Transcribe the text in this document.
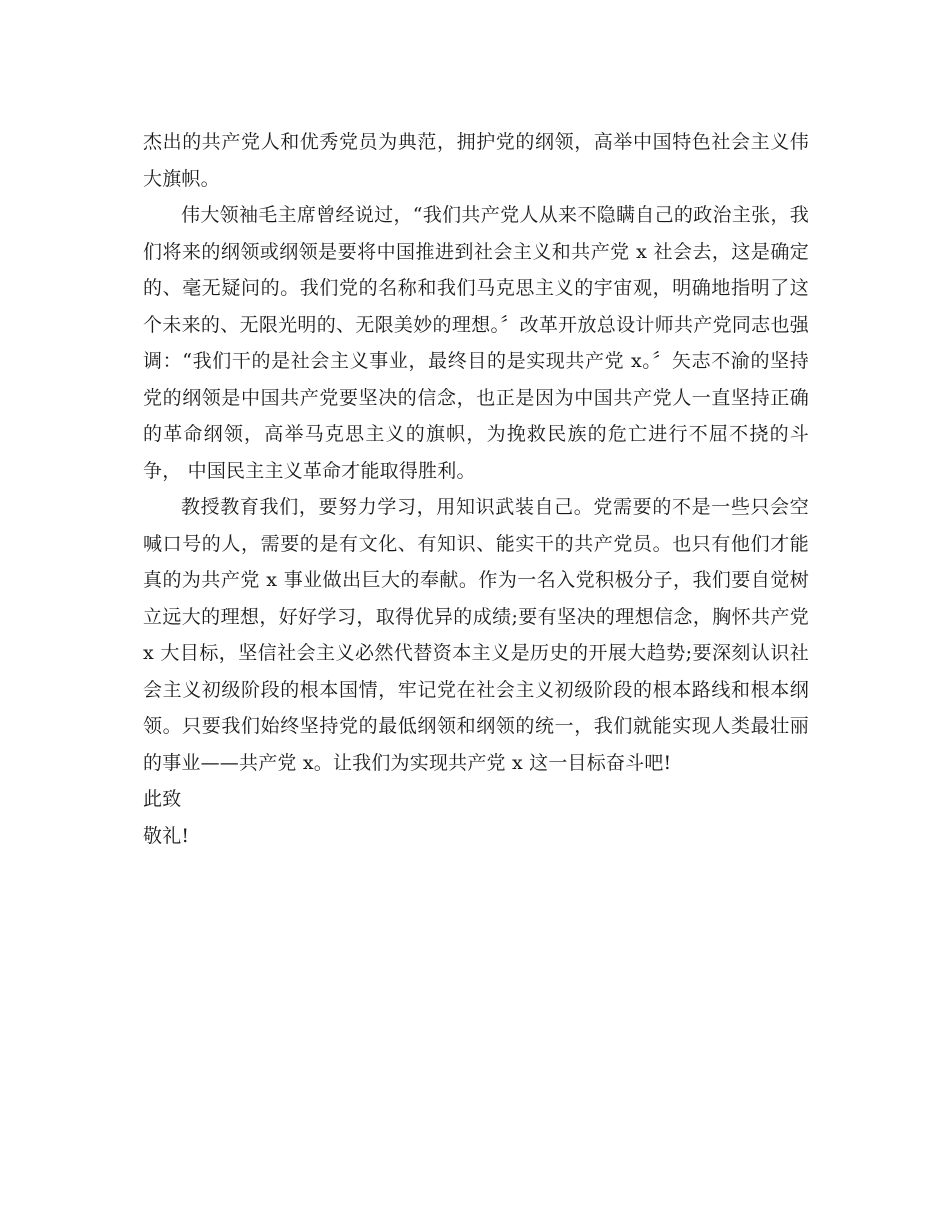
杰出的共产党人和优秀党员为典范，拥护党的纲领，高举中国特色社会主义伟大旗帜。

伟大领袖毛主席曾经说过，“我们共产党人从来不隐瞒自己的政治主张，我们将来的纲领或纲领是要将中国推进到社会主义和共产党 x 社会去，这是确定的、毫无疑问的。我们党的名称和我们马克思主义的宇宙观，明确地指明了这个未来的、无限光明的、无限美妙的理想。〞改革开放总设计师共产党同志也强调：“我们干的是社会主义事业，最终目的是实现共产党 x。〞矢志不渝的坚持党的纲领是中国共产党要坚决的信念，也正是因为中国共产党人一直坚持正确的革命纲领，高举马克思主义的旗帜，为挽救民族的危亡进行不屈不挠的斗争， 中国民主主义革命才能取得胜利。

教授教育我们，要努力学习，用知识武装自己。党需要的不是一些只会空喊口号的人，需要的是有文化、有知识、能实干的共产党员。也只有他们才能真的为共产党 x 事业做出巨大的奉献。作为一名入党积极分子，我们要自觉树立远大的理想，好好学习，取得优异的成绩;要有坚决的理想信念，胸怀共产党 x 大目标，坚信社会主义必然代替资本主义是历史的开展大趋势;要深刻认识社会主义初级阶段的根本国情，牢记党在社会主义初级阶段的根本路线和根本纲领。只要我们始终坚持党的最低纲领和纲领的统一，我们就能实现人类最壮丽的事业——共产党 x。让我们为实现共产党 x 这一目标奋斗吧!

此致

敬礼!
